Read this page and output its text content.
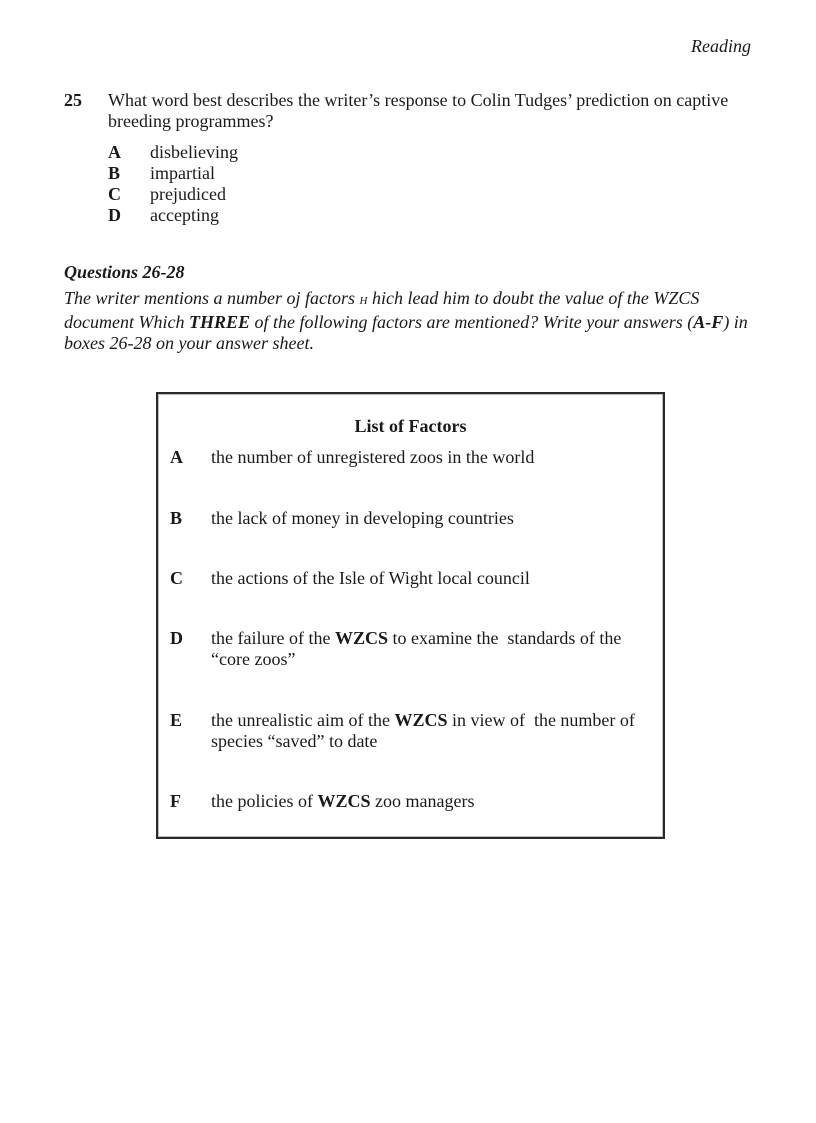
Reading
25 What word best describes the writer’s response to Colin Tudges’ prediction on captive breeding programmes?
A disbelieving
B impartial
C prejudiced
D accepting
Questions 26-28
The writer mentions a number oj factors H hich lead him to doubt the value of the WZCS document Which THREE of the following factors are mentioned? Write your answers (A-F) in boxes 26-28 on your answer sheet.
List of Factors
A the number of unregistered zoos in the world
B the lack of money in developing countries
C the actions of the Isle of Wight local council
D the failure of the WZCS to examine the  standards of the “core zoos”
E the unrealistic aim of the WZCS in view of  the number of species “saved” to date
F the policies of WZCS zoo managers
